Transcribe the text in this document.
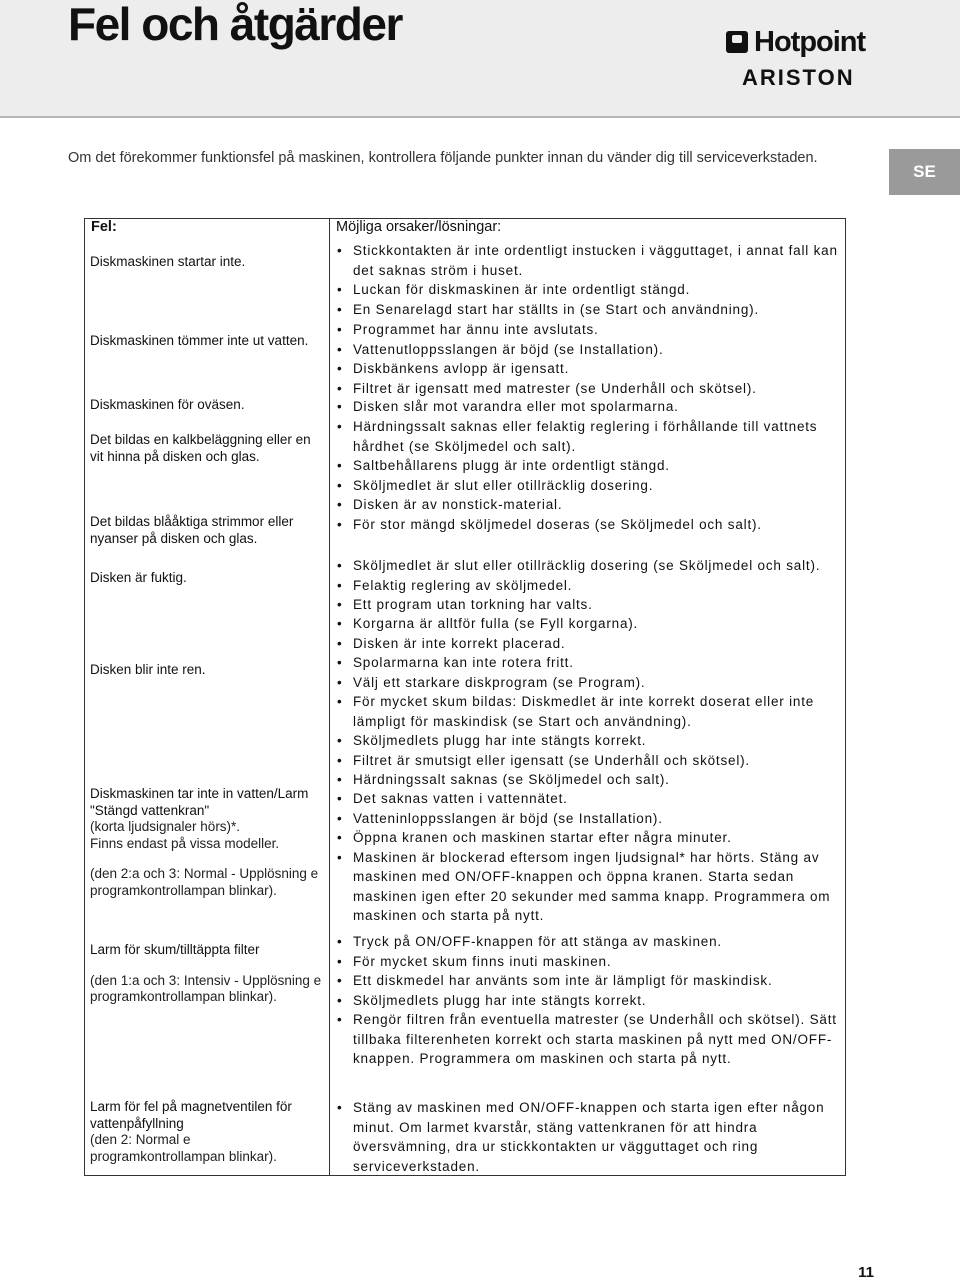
Fel och åtgärder	Hotpoint
ARISTON

Om det förekommer funktionsfel på maskinen, kontrollera följande punkter innan du vänder dig till serviceverkstaden.

SE
Fel:	Möjliga orsaker/lösningar:
Diskmaskinen startar inte.
• Stickkontakten är inte ordentligt instucken i vägguttaget, i annat fall kan det saknas ström i huset.
• Luckan för diskmaskinen är inte ordentligt stängd.
• En Senarelagd start har ställts in (se Start och användning).
Diskmaskinen tömmer inte ut vatten.
• Programmet har ännu inte avslutats.
• Vattenutloppsslangen är böjd (se Installation).
• Diskbänkens avlopp är igensatt.
• Filtret är igensatt med matrester (se Underhåll och skötsel).
Diskmaskinen för oväsen.
•	Disken slår mot varandra eller mot spolarmarna.
Det bildas en kalkbeläggning eller en vit hinna på disken och glas.
• Härdningssalt saknas eller felaktig reglering i förhållande till vattnets hårdhet (se Sköljmedel och salt).
• Saltbehållarens plugg är inte ordentligt stängd.
• Sköljmedlet är slut eller otillräcklig dosering.
• Disken är av nonstick-material.
Det bildas blååktiga strimmor eller nyanser på disken och glas.
• För stor mängd sköljmedel doseras (se Sköljmedel och salt).
Disken är fuktig.
• Sköljmedlet är slut eller otillräcklig dosering (se Sköljmedel och salt).
• Felaktig reglering av sköljmedel.
• Ett program utan torkning har valts.
Disken blir inte ren.
• Korgarna är alltför fulla (se Fyll korgarna).
• Disken är inte korrekt placerad.
• Spolarmarna kan inte rotera fritt.
• Välj ett starkare diskprogram (se Program).
• För mycket skum bildas: Diskmedlet är inte korrekt doserat eller inte lämpligt för maskindisk (se Start och användning).
• Sköljmedlets plugg har inte stängts korrekt.
• Filtret är smutsigt eller igensatt (se Underhåll och skötsel).
• Härdningssalt saknas (se Sköljmedel och salt).
Diskmaskinen tar inte in vatten/Larm "Stängd vattenkran"
(korta ljudsignaler hörs)*.
Finns endast på vissa modeller.
(den 2:a och 3: Normal - Upplösning e programkontrollampan blinkar).
• Det saknas vatten i vattennätet.
• Vatteninloppsslangen är böjd (se Installation).
• Öppna kranen och maskinen startar efter några minuter.
• Maskinen är blockerad eftersom ingen ljudsignal* har hörts. Stäng av maskinen med ON/OFF-knappen och öppna kranen. Starta sedan maskinen igen efter 20 sekunder med samma knapp. Programmera om maskinen och starta på nytt.
Larm för skum/tilltäppta filter
(den 1:a och 3: Intensiv - Upplösning e programkontrollampan blinkar).
• Tryck på ON/OFF-knappen för att stänga av maskinen.
• För mycket skum finns inuti maskinen.
• Ett diskmedel har använts som inte är lämpligt för maskindisk.
• Sköljmedlets plugg har inte stängts korrekt.
• Rengör filtren från eventuella matrester (se Underhåll och skötsel). Sätt tillbaka filterenheten korrekt och starta maskinen på nytt med ON/OFF-knappen. Programmera om maskinen och starta på nytt.
Larm för fel på magnetventilen för vattenpåfyllning
(den 2: Normal e programkontrollampan blinkar).
• Stäng av maskinen med ON/OFF-knappen och starta igen efter någon minut. Om larmet kvarstår, stäng vattenkranen för att hindra översvämning, dra ur stickkontakten ur vägguttaget och ring serviceverkstaden.
11
